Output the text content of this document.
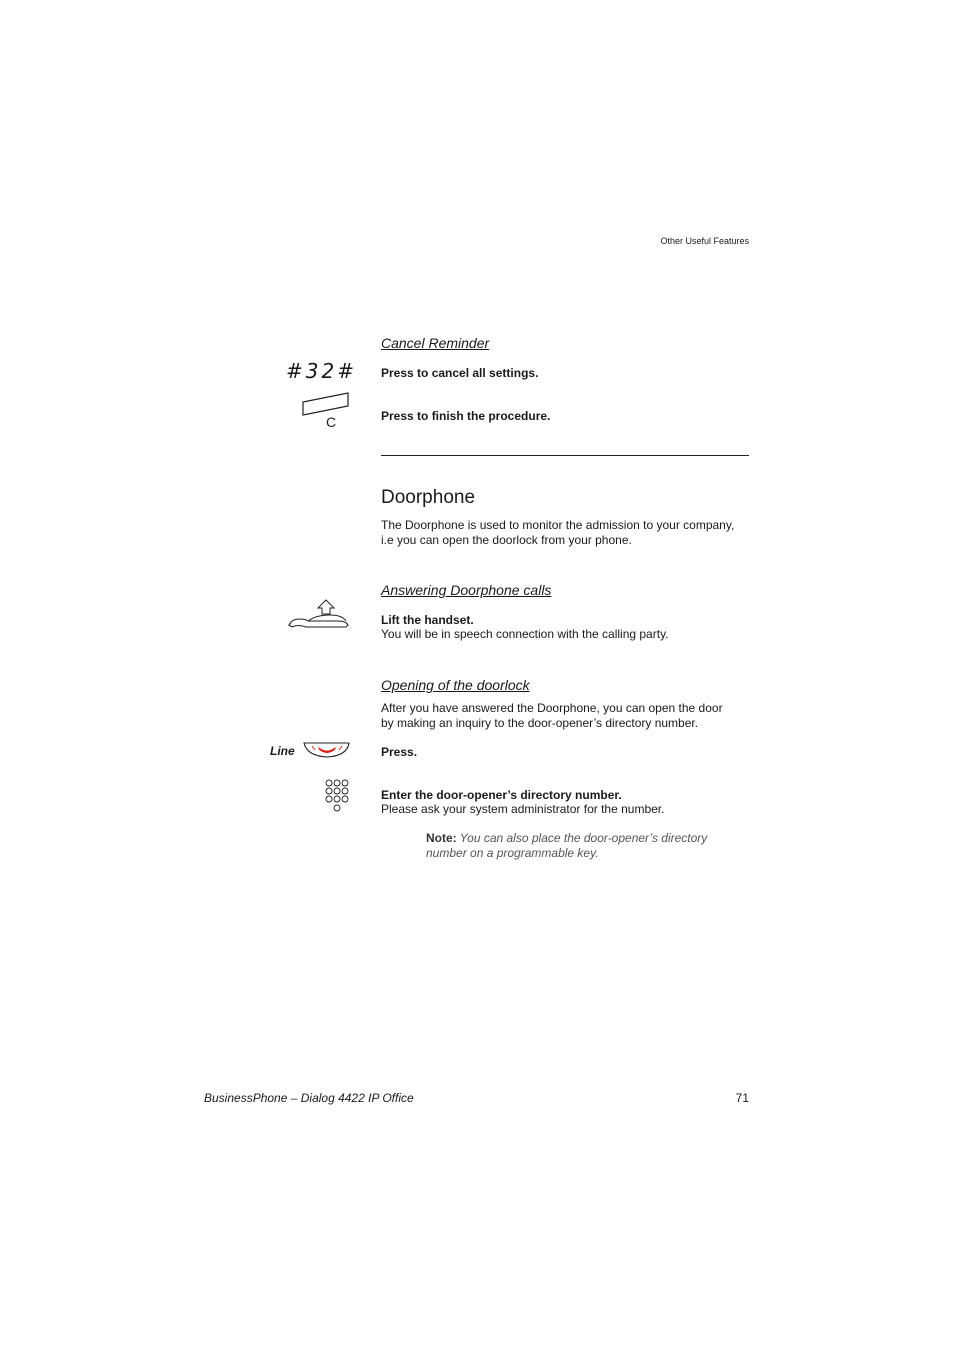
Other Useful Features
Cancel Reminder
#32# Press to cancel all settings.
C	Press to finish the procedure.
Doorphone
The Doorphone is used to monitor the admission to your company,
i.e you can open the doorlock from your phone.
Answering Doorphone calls
Lift the handset.
You will be in speech connection with the calling party.
Opening of the doorlock
After you have answered the Doorphone, you can open the door
by making an inquiry to the door-opener’s directory number.
Line	Press.
Enter the door-opener’s directory number.
Please ask your system administrator for the number.
Note: You can also place the door-opener’s directory
number on a programmable key.
BusinessPhone – Dialog 4422 IP Office	71
